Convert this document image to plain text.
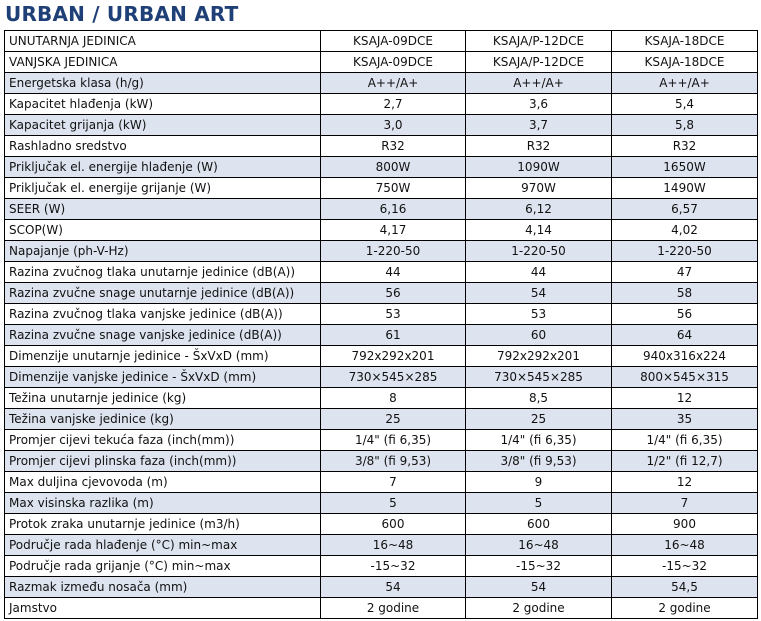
URBAN / URBAN ART
UNUTARNJA JEDINICA	KSAJA-09DCE	KSAJA/P-12DCE	KSAJA-18DCE
VANJSKA JEDINICA	KSAJA-09DCE	KSAJA/P-12DCE	KSAJA-18DCE
Energetska klasa (h/g)	A++/A+	A++/A+	A++/A+
Kapacitet hlađenja (kW)	2,7	3,6	5,4
Kapacitet grijanja (kW)	3,0	3,7	5,8
Rashladno sredstvo	R32	R32	R32
Priključak el. energije hlađenje (W)	800W	1090W	1650W
Priključak el. energije grijanje (W)	750W	970W	1490W
SEER (W)	6,16	6,12	6,57
SCOP(W)	4,17	4,14	4,02
Napajanje (ph-V-Hz)	1-220-50	1-220-50	1-220-50
Razina zvučnog tlaka unutarnje jedinice (dB(A))	44	44	47
Razina zvučne snage unutarnje jedinice (dB(A))	56	54	58
Razina zvučnog tlaka vanjske jedinice (dB(A))	53	53	56
Razina zvučne snage vanjske jedinice (dB(A))	61	60	64
Dimenzije unutarnje jedinice - ŠxVxD (mm)	792x292x201	792x292x201	940x316x224
Dimenzije vanjske jedinice - ŠxVxD (mm)	730×545×285	730×545×285	800×545×315
Težina unutarnje jedinice (kg)	8	8,5	12
Težina vanjske jedinice (kg)	25	25	35
Promjer cijevi tekuća faza (inch(mm))	1/4" (fi 6,35)	1/4" (fi 6,35)	1/4" (fi 6,35)
Promjer cijevi plinska faza (inch(mm))	3/8" (fi 9,53)	3/8" (fi 9,53)	1/2" (fi 12,7)
Max duljina cjevovoda (m)	7	9	12
Max visinska razlika (m)	5	5	7
Protok zraka unutarnje jedinice (m3/h)	600	600	900
Područje rada hlađenje (°C) min~max	16~48	16~48	16~48
Područje rada grijanje (°C) min~max	-15~32	-15~32	-15~32
Razmak između nosača (mm)	54	54	54,5
Jamstvo	2 godine	2 godine	2 godine
